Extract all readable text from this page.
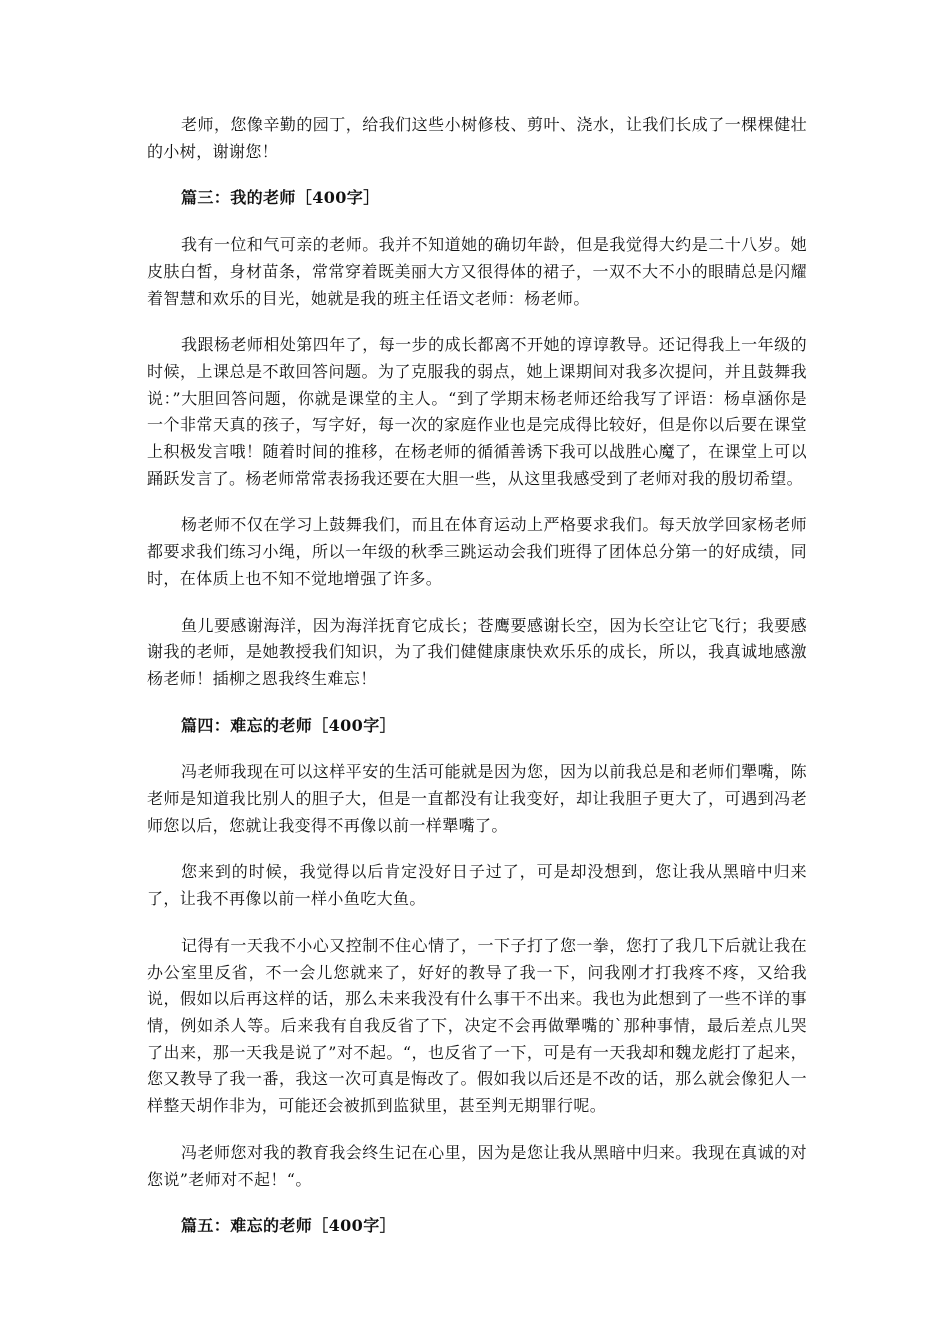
老师，您像辛勤的园丁，给我们这些小树修枝、剪叶、浇水，让我们长成了一棵棵健壮的小树，谢谢您！

篇三：我的老师［400字］

我有一位和气可亲的老师。我并不知道她的确切年龄，但是我觉得大约是二十八岁。她皮肤白皙，身材苗条，常常穿着既美丽大方又很得体的裙子，一双不大不小的眼睛总是闪耀着智慧和欢乐的目光，她就是我的班主任语文老师：杨老师。

我跟杨老师相处第四年了，每一步的成长都离不开她的谆谆教导。还记得我上一年级的时候，上课总是不敢回答问题。为了克服我的弱点，她上课期间对我多次提问，并且鼓舞我说：”大胆回答问题，你就是课堂的主人。“到了学期末杨老师还给我写了评语：杨卓涵你是一个非常天真的孩子，写字好，每一次的家庭作业也是完成得比较好，但是你以后要在课堂上积极发言哦！随着时间的推移，在杨老师的循循善诱下我可以战胜心魔了，在课堂上可以踊跃发言了。杨老师常常表扬我还要在大胆一些，从这里我感受到了老师对我的殷切希望。

杨老师不仅在学习上鼓舞我们，而且在体育运动上严格要求我们。每天放学回家杨老师都要求我们练习小绳，所以一年级的秋季三跳运动会我们班得了团体总分第一的好成绩，同时，在体质上也不知不觉地增强了许多。

鱼儿要感谢海洋，因为海洋抚育它成长；苍鹰要感谢长空，因为长空让它飞行；我要感谢我的老师，是她教授我们知识，为了我们健健康康快欢乐乐的成长，所以，我真诚地感激杨老师！插柳之恩我终生难忘！

篇四：难忘的老师［400字］

冯老师我现在可以这样平安的生活可能就是因为您，因为以前我总是和老师们犟嘴，陈老师是知道我比别人的胆子大，但是一直都没有让我变好，却让我胆子更大了，可遇到冯老师您以后，您就让我变得不再像以前一样犟嘴了。

您来到的时候，我觉得以后肯定没好日子过了，可是却没想到，您让我从黑暗中归来了，让我不再像以前一样小鱼吃大鱼。

记得有一天我不小心又控制不住心情了，一下子打了您一拳，您打了我几下后就让我在办公室里反省，不一会儿您就来了，好好的教导了我一下，问我刚才打我疼不疼，又给我说，假如以后再这样的话，那么未来我没有什么事干不出来。我也为此想到了一些不详的事情，例如杀人等。后来我有自我反省了下，决定不会再做犟嘴的`那种事情，最后差点儿哭了出来，那一天我是说了”对不起。“，也反省了一下，可是有一天我却和魏龙彪打了起来，您又教导了我一番，我这一次可真是悔改了。假如我以后还是不改的话，那么就会像犯人一样整天胡作非为，可能还会被抓到监狱里，甚至判无期罪行呢。

冯老师您对我的教育我会终生记在心里，因为是您让我从黑暗中归来。我现在真诚的对您说”老师对不起！“。

篇五：难忘的老师［400字］
